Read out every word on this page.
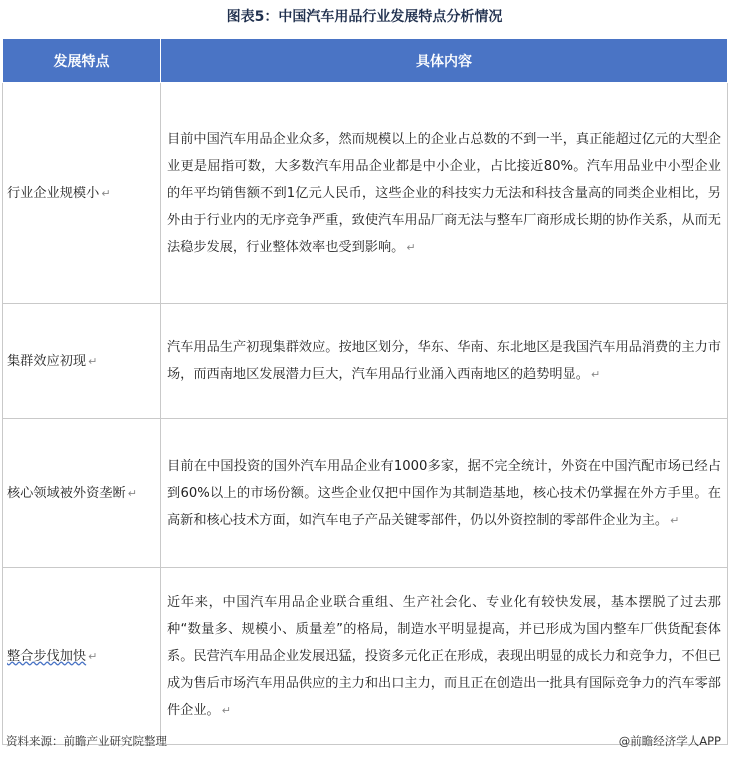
图表5：中国汽车用品行业发展特点分析情况
发展特点	具体内容
行业企业规模小 ↵	目前中国汽车用品企业众多，然而规模以上的企业占总数的不到一半，真正能超过亿元的大型企业更是屈指可数，大多数汽车用品企业都是中小企业，占比接近80%。汽车用品业中小型企业的年平均销售额不到1亿元人民币，这些企业的科技实力无法和科技含量高的同类企业相比，另外由于行业内的无序竞争严重，致使汽车用品厂商无法与整车厂商形成长期的协作关系，从而无法稳步发展，行业整体效率也受到影响。 ↵
集群效应初现 ↵	汽车用品生产初现集群效应。按地区划分，华东、华南、东北地区是我国汽车用品消费的主力市场，而西南地区发展潜力巨大，汽车用品行业涌入西南地区的趋势明显。 ↵
核心领域被外资垄断 ↵	目前在中国投资的国外汽车用品企业有1000多家，据不完全统计，外资在中国汽配市场已经占到60%以上的市场份额。这些企业仅把中国作为其制造基地，核心技术仍掌握在外方手里。在高新和核心技术方面，如汽车电子产品关键零部件，仍以外资控制的零部件企业为主。 ↵
整合步伐加快 ↵	近年来，中国汽车用品企业联合重组、生产社会化、专业化有较快发展，基本摆脱了过去那种“数量多、规模小、质量差”的格局，制造水平明显提高，并已形成为国内整车厂供货配套体系。民营汽车用品企业发展迅猛，投资多元化正在形成，表现出明显的成长力和竞争力，不但已成为售后市场汽车用品供应的主力和出口主力，而且正在创造出一批具有国际竞争力的汽车零部件企业。 ↵
资料来源：前瞻产业研究院整理	@前瞻经济学人APP
